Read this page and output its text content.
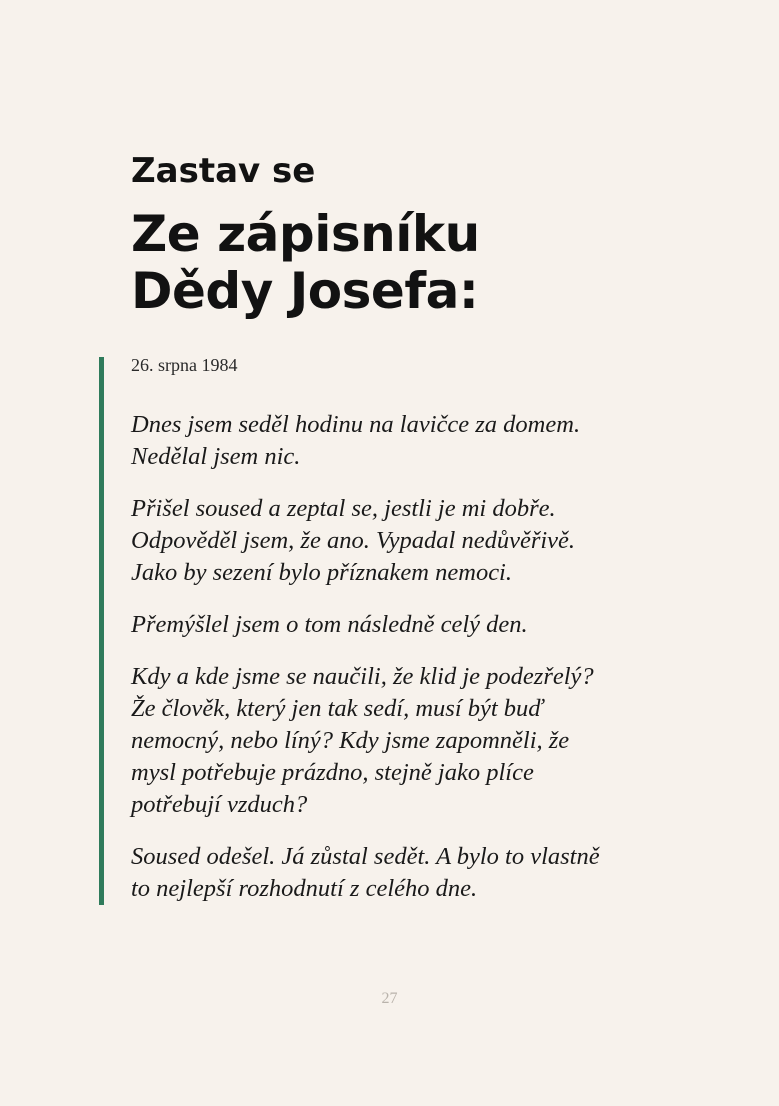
Zastav se
Ze zápisníku
Dědy Josefa:
26. srpna 1984

Dnes jsem seděl hodinu na lavičce za domem.
Nedělal jsem nic.

Přišel soused a zeptal se, jestli je mi dobře.
Odpověděl jsem, že ano. Vypadal nedůvěřivě.
Jako by sezení bylo příznakem nemoci.

Přemýšlel jsem o tom následně celý den.

Kdy a kde jsme se naučili, že klid je podezřelý?
Že člověk, který jen tak sedí, musí být buď
nemocný, nebo líný? Kdy jsme zapomněli, že
mysl potřebuje prázdno, stejně jako plíce
potřebují vzduch?

Soused odešel. Já zůstal sedět. A bylo to vlastně
to nejlepší rozhodnutí z celého dne.

27
